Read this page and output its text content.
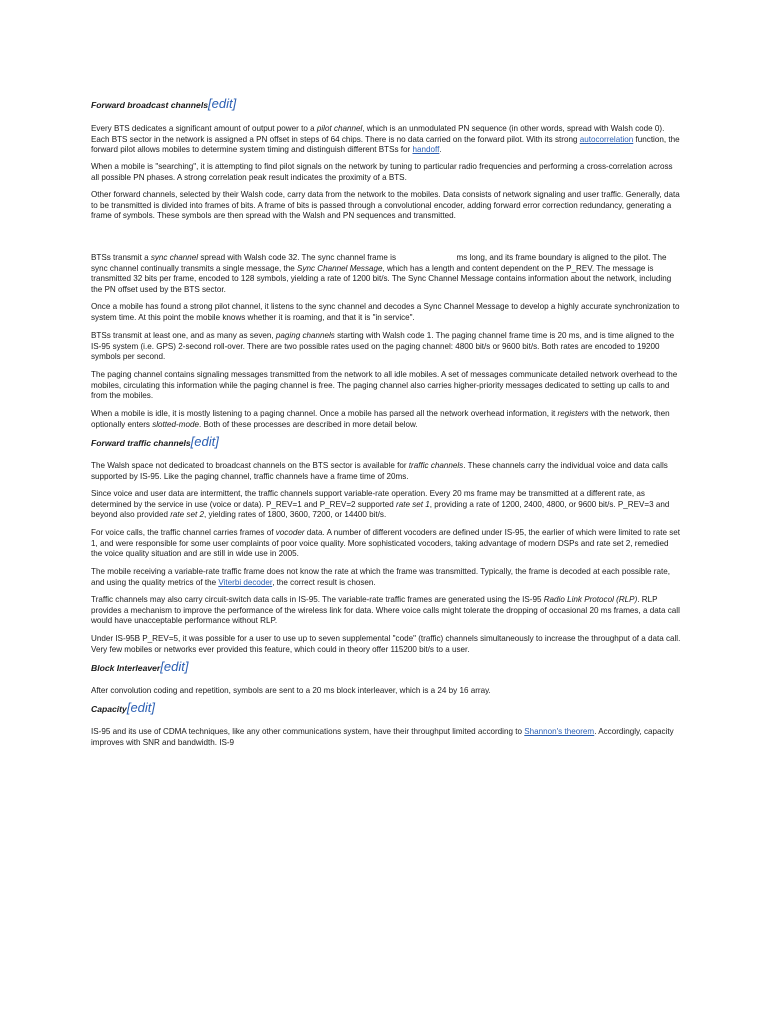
Forward broadcast channels[edit]

Every BTS dedicates a significant amount of output power to a pilot channel, which is an unmodulated PN sequence (in other words, spread with Walsh code 0). Each BTS sector in the network is assigned a PN offset in steps of 64 chips. There is no data carried on the forward pilot. With its strong autocorrelation function, the forward pilot allows mobiles to determine system timing and distinguish different BTSs for handoff.

When a mobile is "searching", it is attempting to find pilot signals on the network by tuning to particular radio frequencies and performing a cross-correlation across all possible PN phases. A strong correlation peak result indicates the proximity of a BTS.

Other forward channels, selected by their Walsh code, carry data from the network to the mobiles. Data consists of network signaling and user traffic. Generally, data to be transmitted is divided into frames of bits. A frame of bits is passed through a convolutional encoder, adding forward error correction redundancy, generating a frame of symbols. These symbols are then spread with the Walsh and PN sequences and transmitted.

BTSs transmit a sync channel spread with Walsh code 32. The sync channel frame is	ms long, and its frame boundary is aligned to the pilot. The sync channel continually transmits a single message, the Sync Channel Message, which has a length and content dependent on the P_REV. The message is transmitted 32 bits per frame, encoded to 128 symbols, yielding a rate of 1200 bit/s. The Sync Channel Message contains information about the network, including the PN offset used by the BTS sector.

Once a mobile has found a strong pilot channel, it listens to the sync channel and decodes a Sync Channel Message to develop a highly accurate synchronization to system time. At this point the mobile knows whether it is roaming, and that it is "in service".

BTSs transmit at least one, and as many as seven, paging channels starting with Walsh code 1. The paging channel frame time is 20 ms, and is time aligned to the IS-95 system (i.e. GPS) 2-second roll-over. There are two possible rates used on the paging channel: 4800 bit/s or 9600 bit/s. Both rates are encoded to 19200 symbols per second.

The paging channel contains signaling messages transmitted from the network to all idle mobiles. A set of messages communicate detailed network overhead to the mobiles, circulating this information while the paging channel is free. The paging channel also carries higher-priority messages dedicated to setting up calls to and from the mobiles.

When a mobile is idle, it is mostly listening to a paging channel. Once a mobile has parsed all the network overhead information, it registers with the network, then optionally enters slotted-mode. Both of these processes are described in more detail below.

Forward traffic channels[edit]

The Walsh space not dedicated to broadcast channels on the BTS sector is available for traffic channels. These channels carry the individual voice and data calls supported by IS-95. Like the paging channel, traffic channels have a frame time of 20ms.

Since voice and user data are intermittent, the traffic channels support variable-rate operation. Every 20 ms frame may be transmitted at a different rate, as determined by the service in use (voice or data). P_REV=1 and P_REV=2 supported rate set 1, providing a rate of 1200, 2400, 4800, or 9600 bit/s. P_REV=3 and beyond also provided rate set 2, yielding rates of 1800, 3600, 7200, or 14400 bit/s.

For voice calls, the traffic channel carries frames of vocoder data. A number of different vocoders are defined under IS-95, the earlier of which were limited to rate set 1, and were responsible for some user complaints of poor voice quality. More sophisticated vocoders, taking advantage of modern DSPs and rate set 2, remedied the voice quality situation and are still in wide use in 2005.

The mobile receiving a variable-rate traffic frame does not know the rate at which the frame was transmitted. Typically, the frame is decoded at each possible rate, and using the quality metrics of the Viterbi decoder, the correct result is chosen.

Traffic channels may also carry circuit-switch data calls in IS-95. The variable-rate traffic frames are generated using the IS-95 Radio Link Protocol (RLP). RLP provides a mechanism to improve the performance of the wireless link for data. Where voice calls might tolerate the dropping of occasional 20 ms frames, a data call would have unacceptable performance without RLP.

Under IS-95B P_REV=5, it was possible for a user to use up to seven supplemental "code" (traffic) channels simultaneously to increase the throughput of a data call. Very few mobiles or networks ever provided this feature, which could in theory offer 115200 bit/s to a user.

Block Interleaver[edit]

After convolution coding and repetition, symbols are sent to a 20 ms block interleaver, which is a 24 by 16 array.

Capacity[edit]

IS-95 and its use of CDMA techniques, like any other communications system, have their throughput limited according to Shannon's theorem. Accordingly, capacity improves with SNR and bandwidth. IS-9
